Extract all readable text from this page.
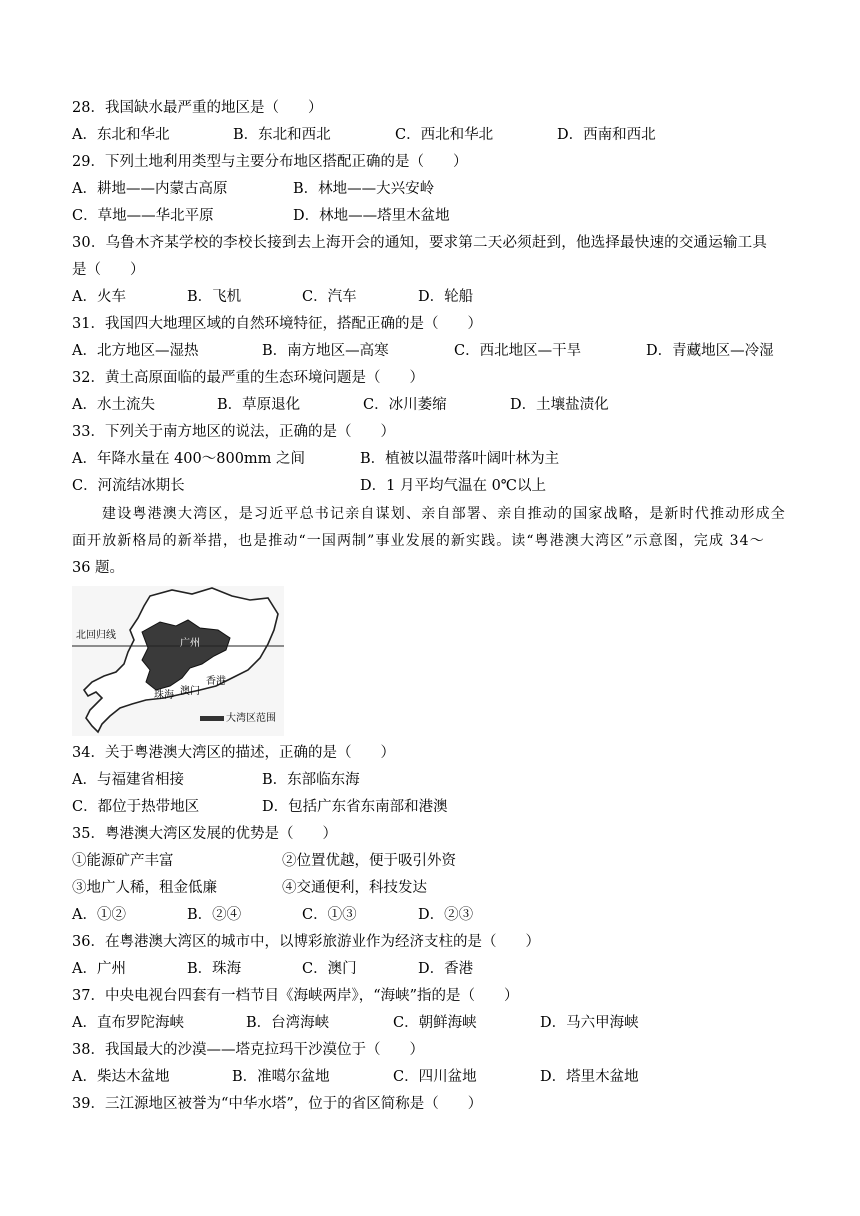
28．我国缺水最严重的地区是（　　）
A．东北和华北	B．东北和西北	C．西北和华北	D．西南和西北
29．下列土地利用类型与主要分布地区搭配正确的是（　　）
A．耕地——内蒙古高原	B．林地——大兴安岭
C．草地——华北平原	D．林地——塔里木盆地
30．乌鲁木齐某学校的李校长接到去上海开会的通知，要求第二天必须赶到，他选择最快速的交通运输工具
是（　　）
A．火车	B．飞机	C．汽车	D．轮船
31．我国四大地理区域的自然环境特征，搭配正确的是（　　）
A．北方地区—湿热	B．南方地区—高寒	C．西北地区—干旱	D．青藏地区—冷湿
32．黄土高原面临的最严重的生态环境问题是（　　）
A．水土流失	B．草原退化	C．冰川萎缩	D．土壤盐渍化
33．下列关于南方地区的说法，正确的是（　　）
A．年降水量在 400～800mm 之间	B．植被以温带落叶阔叶林为主
C．河流结冰期长	D．1 月平均气温在 0℃以上
建设粤港澳大湾区，是习近平总书记亲自谋划、亲自部署、亲自推动的国家战略，是新时代推动形成全
面开放新格局的新举措，也是推动“一国两制”事业发展的新实践。读“粤港澳大湾区”示意图，完成 34～
36 题。
北回归线
广州
香港
珠海 澳门
大湾区范围
34．关于粤港澳大湾区的描述，正确的是（　　）
A．与福建省相接	B．东部临东海
C．都位于热带地区	D．包括广东省东南部和港澳
35．粤港澳大湾区发展的优势是（　　）
①能源矿产丰富	②位置优越，便于吸引外资
③地广人稀，租金低廉	④交通便利，科技发达
A．①②	B．②④	C．①③	D．②③
36．在粤港澳大湾区的城市中，以博彩旅游业作为经济支柱的是（　　）
A．广州	B．珠海	C．澳门	D．香港
37．中央电视台四套有一档节目《海峡两岸》，“海峡”指的是（　　）
A．直布罗陀海峡	B．台湾海峡	C．朝鲜海峡	D．马六甲海峡
38．我国最大的沙漠——塔克拉玛干沙漠位于（　　）
A．柴达木盆地	B．准噶尔盆地	C．四川盆地	D．塔里木盆地
39．三江源地区被誉为“中华水塔”，位于的省区简称是（　　）
